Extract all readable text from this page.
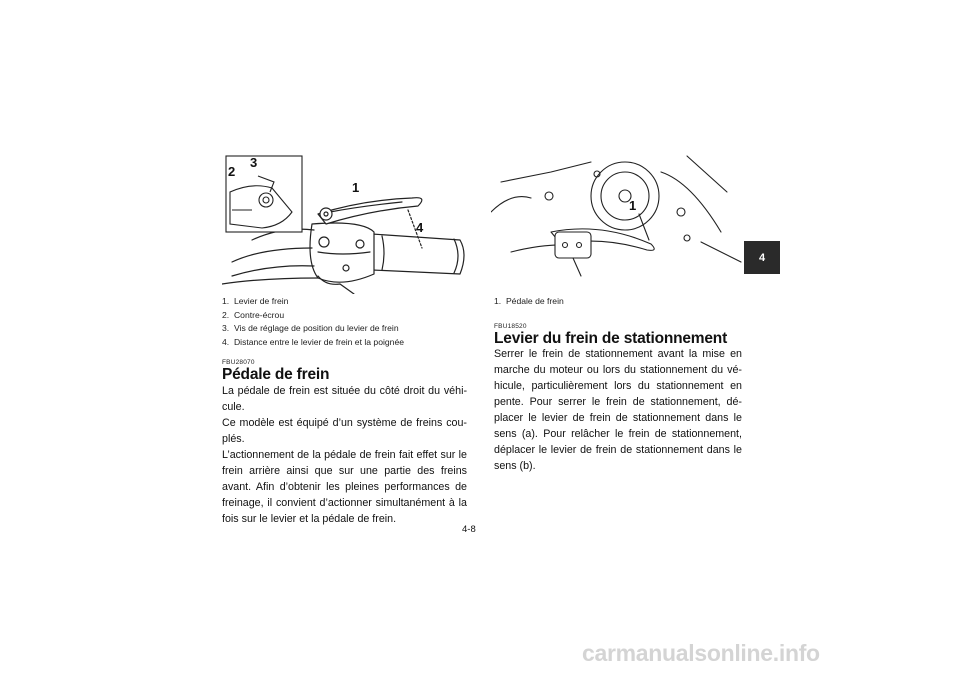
2
3
1
4
1
1. Levier de frein
2. Contre-écrou
3. Vis de réglage de position du levier de frein
4. Distance entre le levier de frein et la poignée
FBU28070
Pédale de frein

La pédale de frein est située du côté droit du véhi-cule.

Ce modèle est équipé d’un système de freins cou-plés.

L’actionnement de la pédale de frein fait effet sur le frein arrière ainsi que sur une partie des freins avant. Afin d’obtenir les pleines performances de freinage, il convient d’actionner simultanément à la fois sur le levier et la pédale de frein.

1. Pédale de frein
FBU18520
Levier du frein de stationnement

Serrer le frein de stationnement avant la mise en marche du moteur ou lors du stationnement du vé-hicule, particulièrement lors du stationnement en pente. Pour serrer le frein de stationnement, dé-placer le levier de frein de stationnement dans le sens (a). Pour relâcher le frein de stationnement, déplacer le levier de frein de stationnement dans le sens (b).

4
4-8
carmanualsonline.info
